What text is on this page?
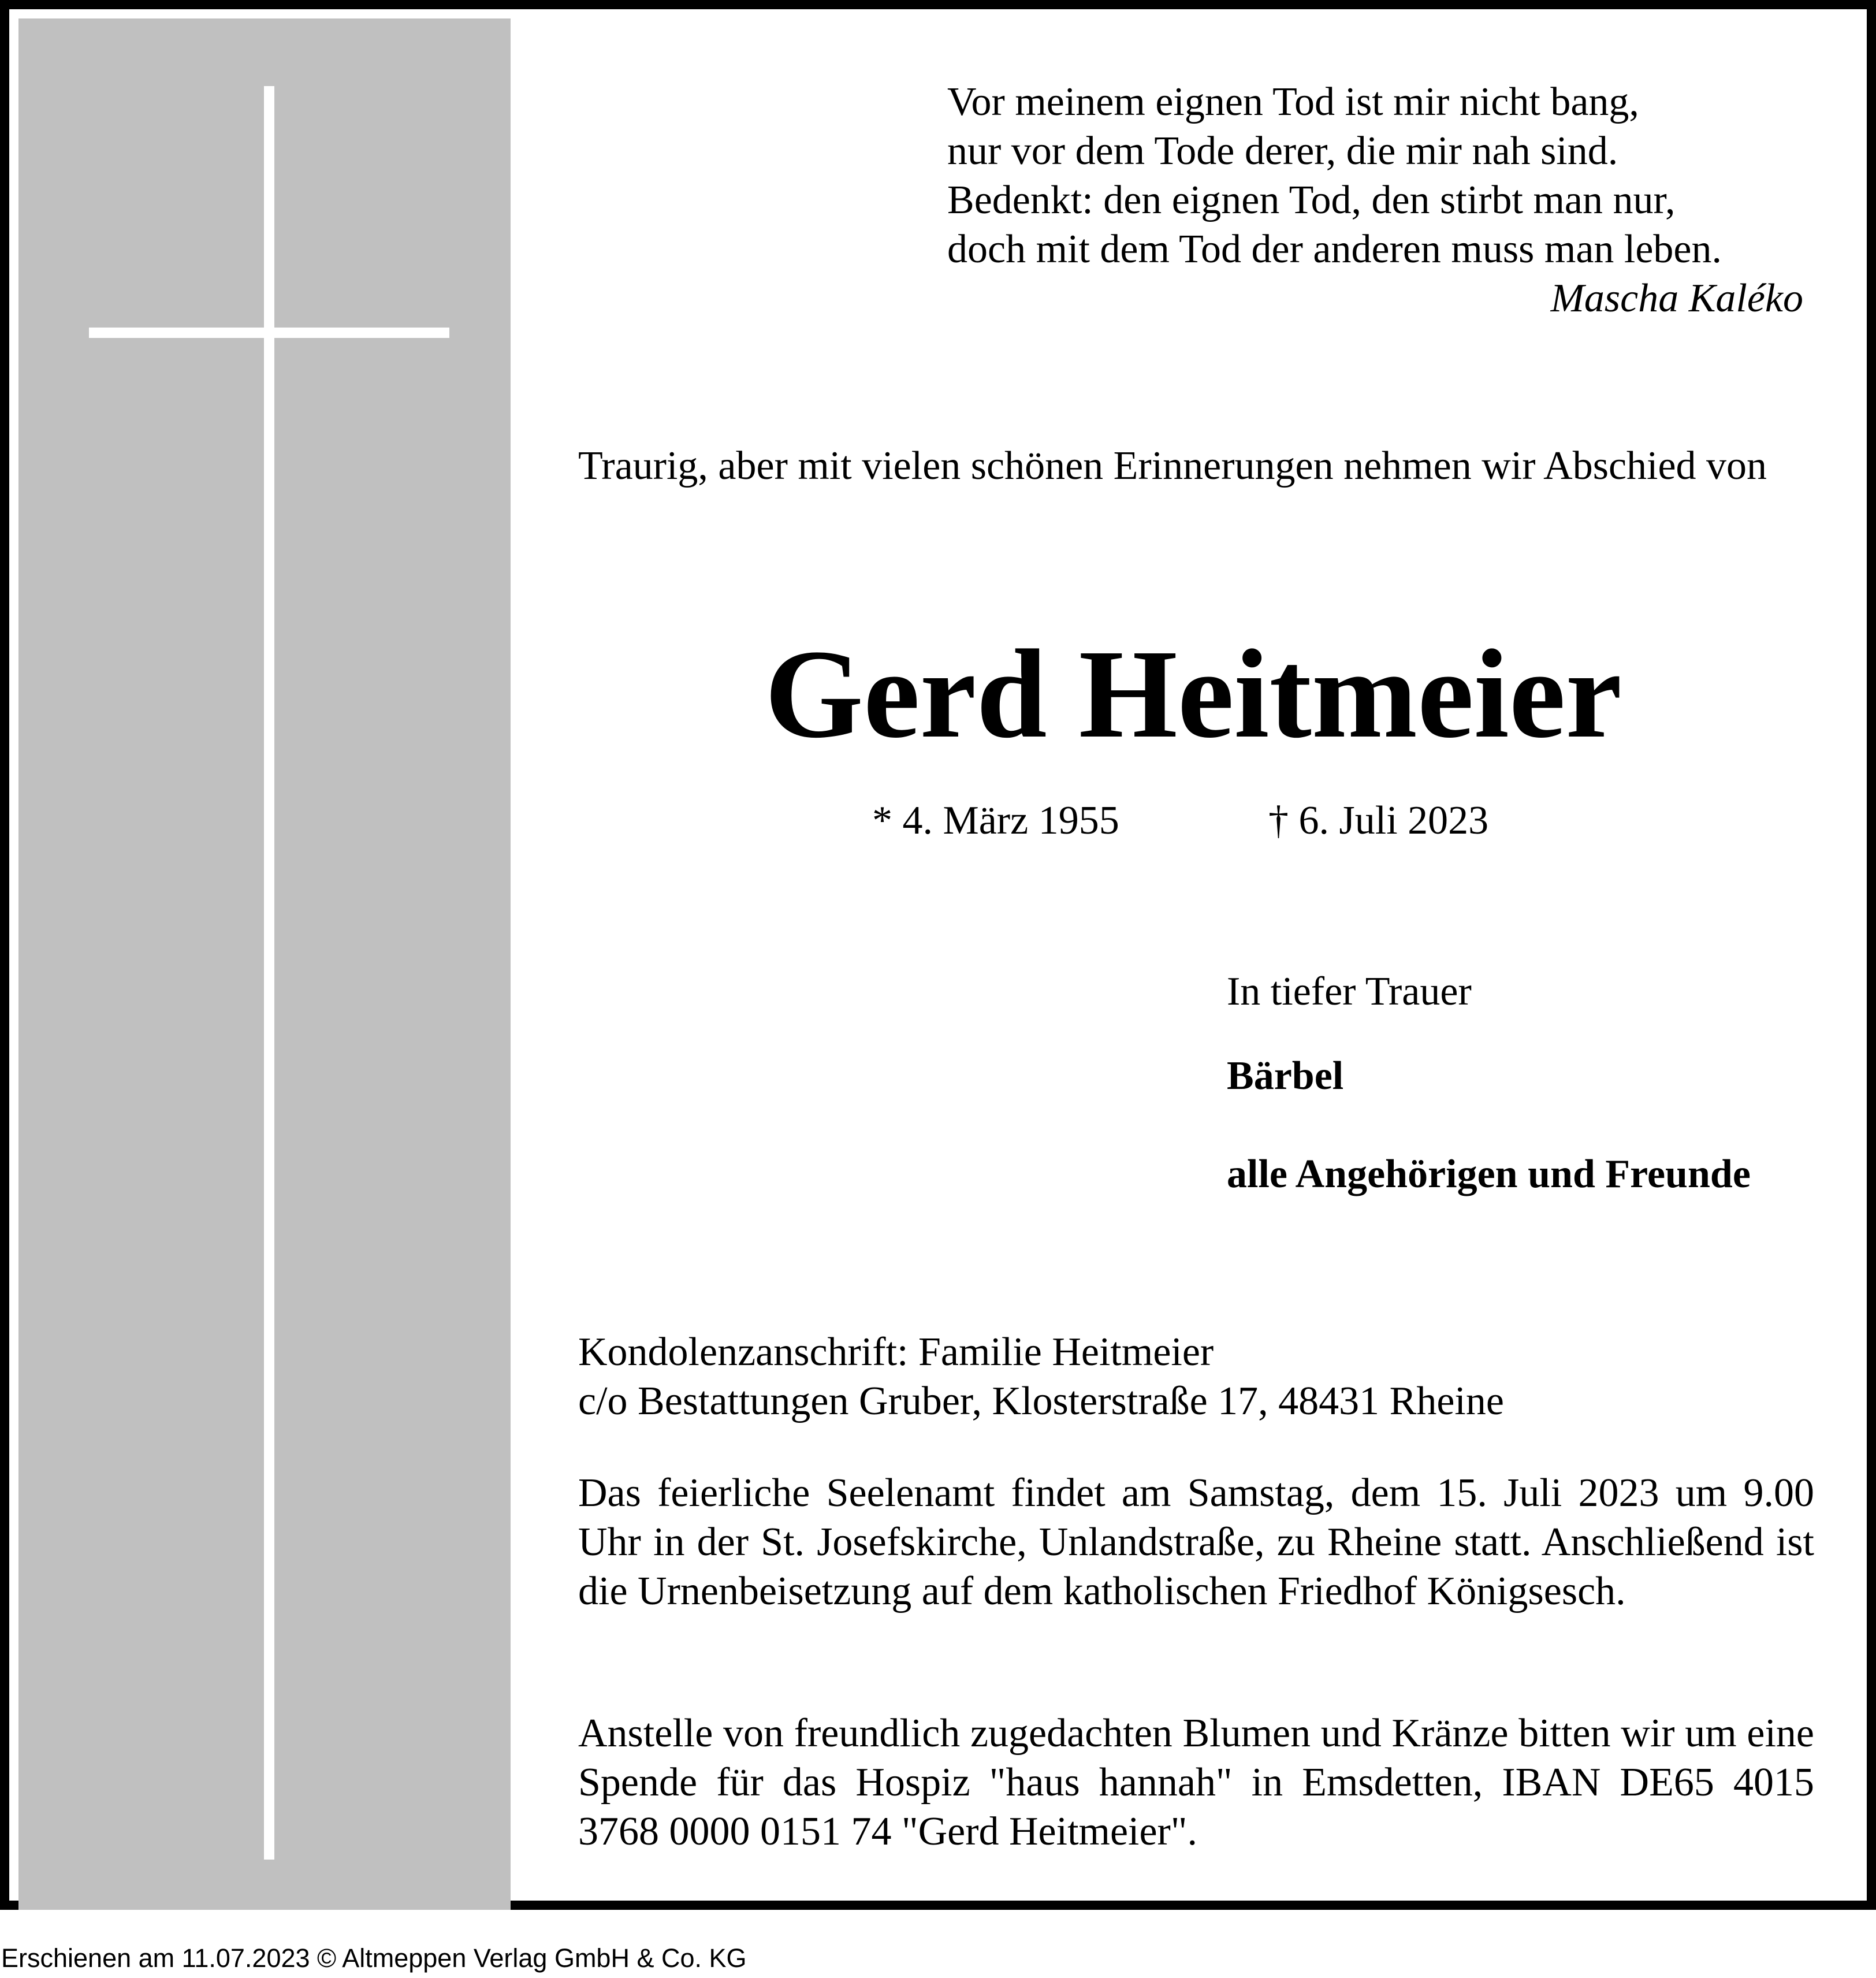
Vor meinem eignen Tod ist mir nicht bang,
nur vor dem Tode derer, die mir nah sind.
Bedenkt: den eignen Tod, den stirbt man nur,
doch mit dem Tod der anderen muss man leben.
Mascha Kaléko
Traurig, aber mit vielen schönen Erinnerungen nehmen wir Abschied von
Gerd Heitmeier
* 4. März 1955	† 6. Juli 2023
In tiefer Trauer
Bärbel
alle Angehörigen und Freunde
Kondolenzanschrift: Familie Heitmeier
c/o Bestattungen Gruber, Klosterstraße 17, 48431 Rheine
Das feierliche Seelenamt findet am Samstag, dem 15. Juli 2023 um 9.00 Uhr in der St. Josefskirche, Unlandstraße, zu Rheine statt. Anschließend ist die Urnenbeisetzung auf dem katholischen Friedhof Königsesch.
Anstelle von freundlich zugedachten Blumen und Kränze bitten wir um eine Spende für das Hospiz "haus hannah" in Emsdetten, IBAN DE65 4015 3768 0000 0151 74 "Gerd Heitmeier".
Erschienen am 11.07.2023 © Altmeppen Verlag GmbH & Co. KG
